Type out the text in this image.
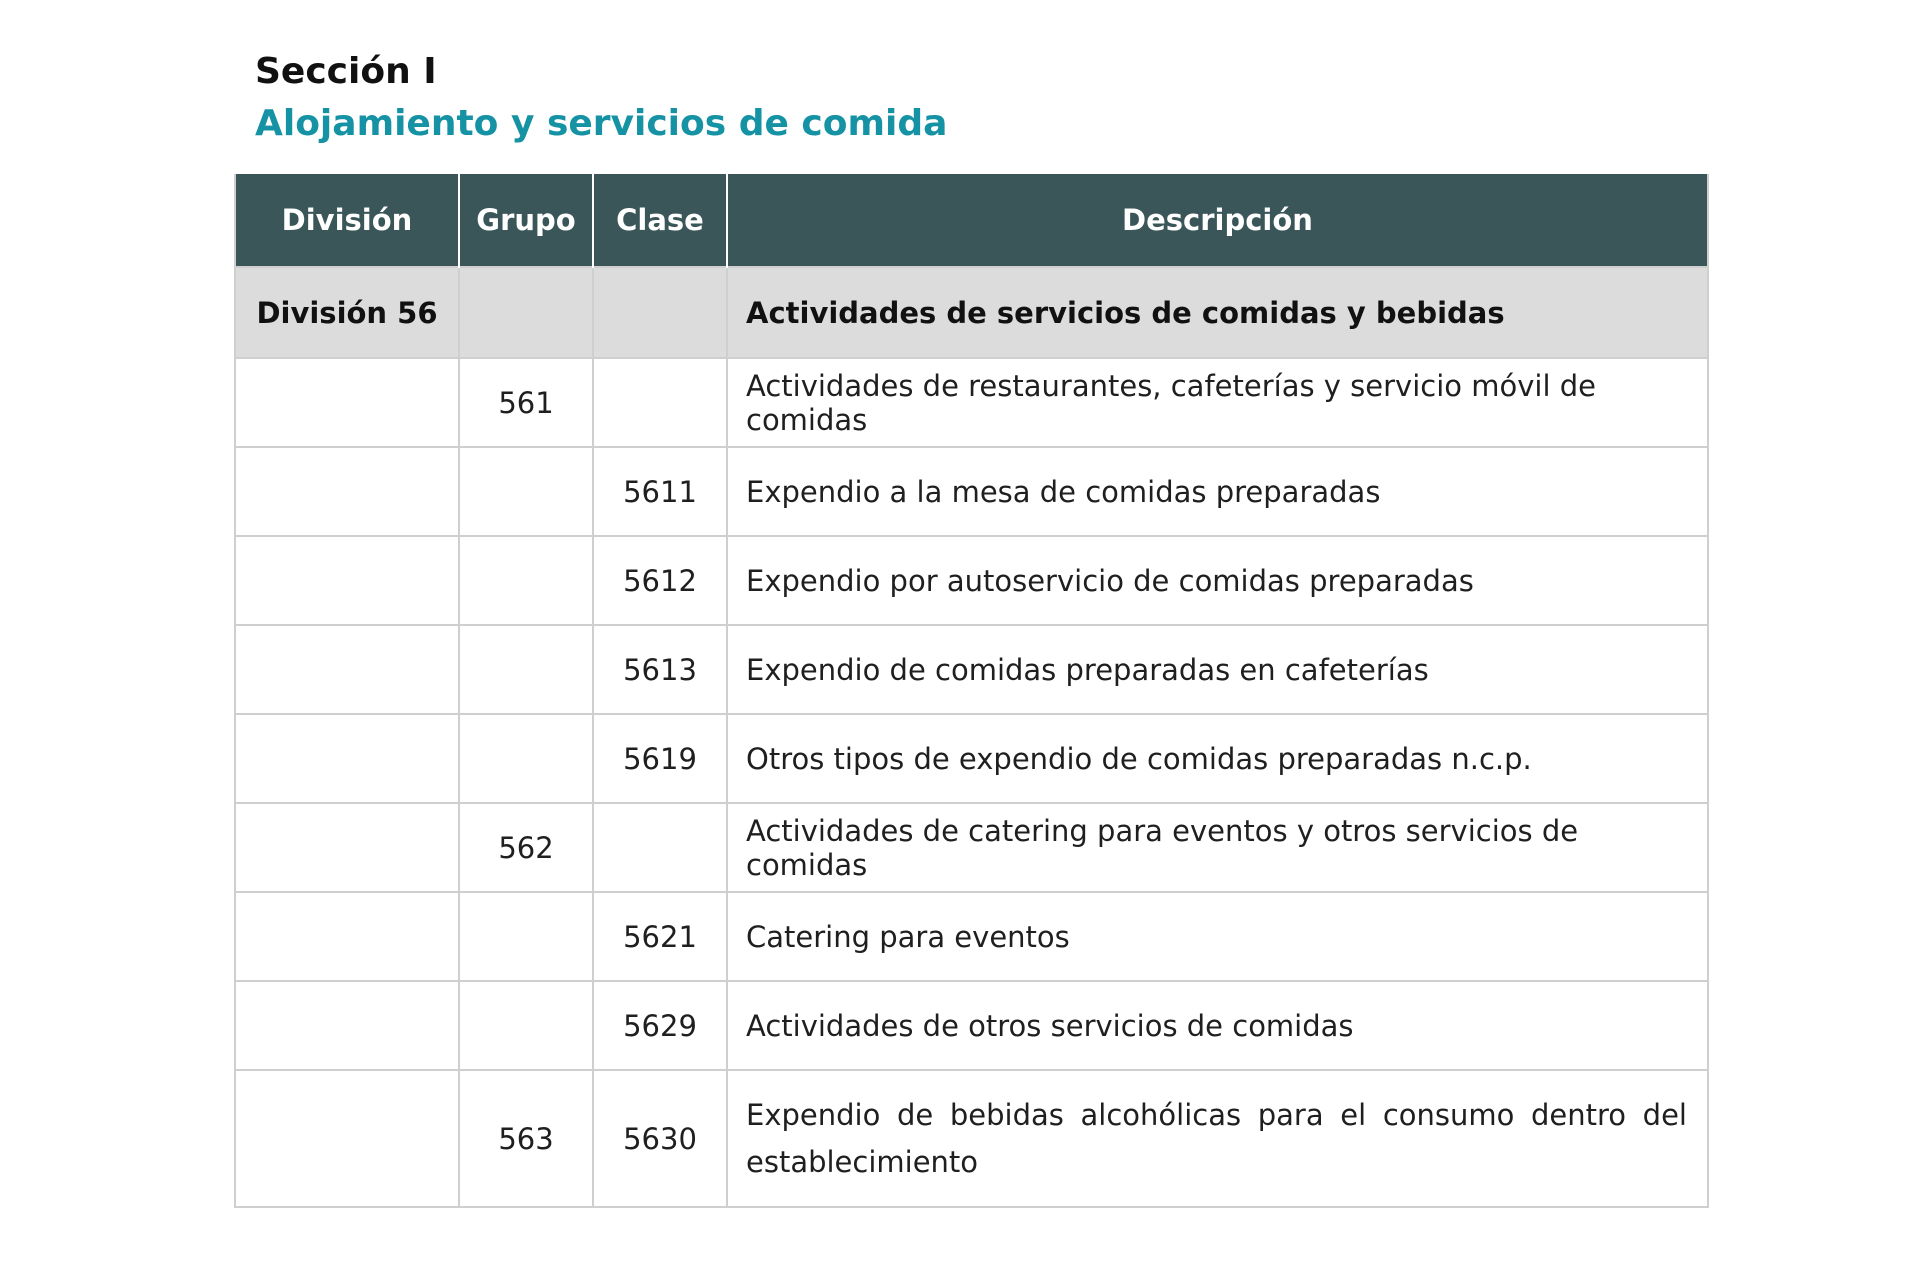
Sección I
Alojamiento y servicios de comida
División	Grupo	Clase	Descripción
División 56			Actividades de servicios de comidas y bebidas
	561		Actividades de restaurantes, cafeterías y servicio móvil de comidas
		5611	Expendio a la mesa de comidas preparadas
		5612	Expendio por autoservicio de comidas preparadas
		5613	Expendio de comidas preparadas en cafeterías
		5619	Otros tipos de expendio de comidas preparadas n.c.p.
	562		Actividades de catering para eventos y otros servicios de comidas
		5621	Catering para eventos
		5629	Actividades de otros servicios de comidas
	563	5630	Expendio de bebidas alcohólicas para el consumo dentro del establecimiento
